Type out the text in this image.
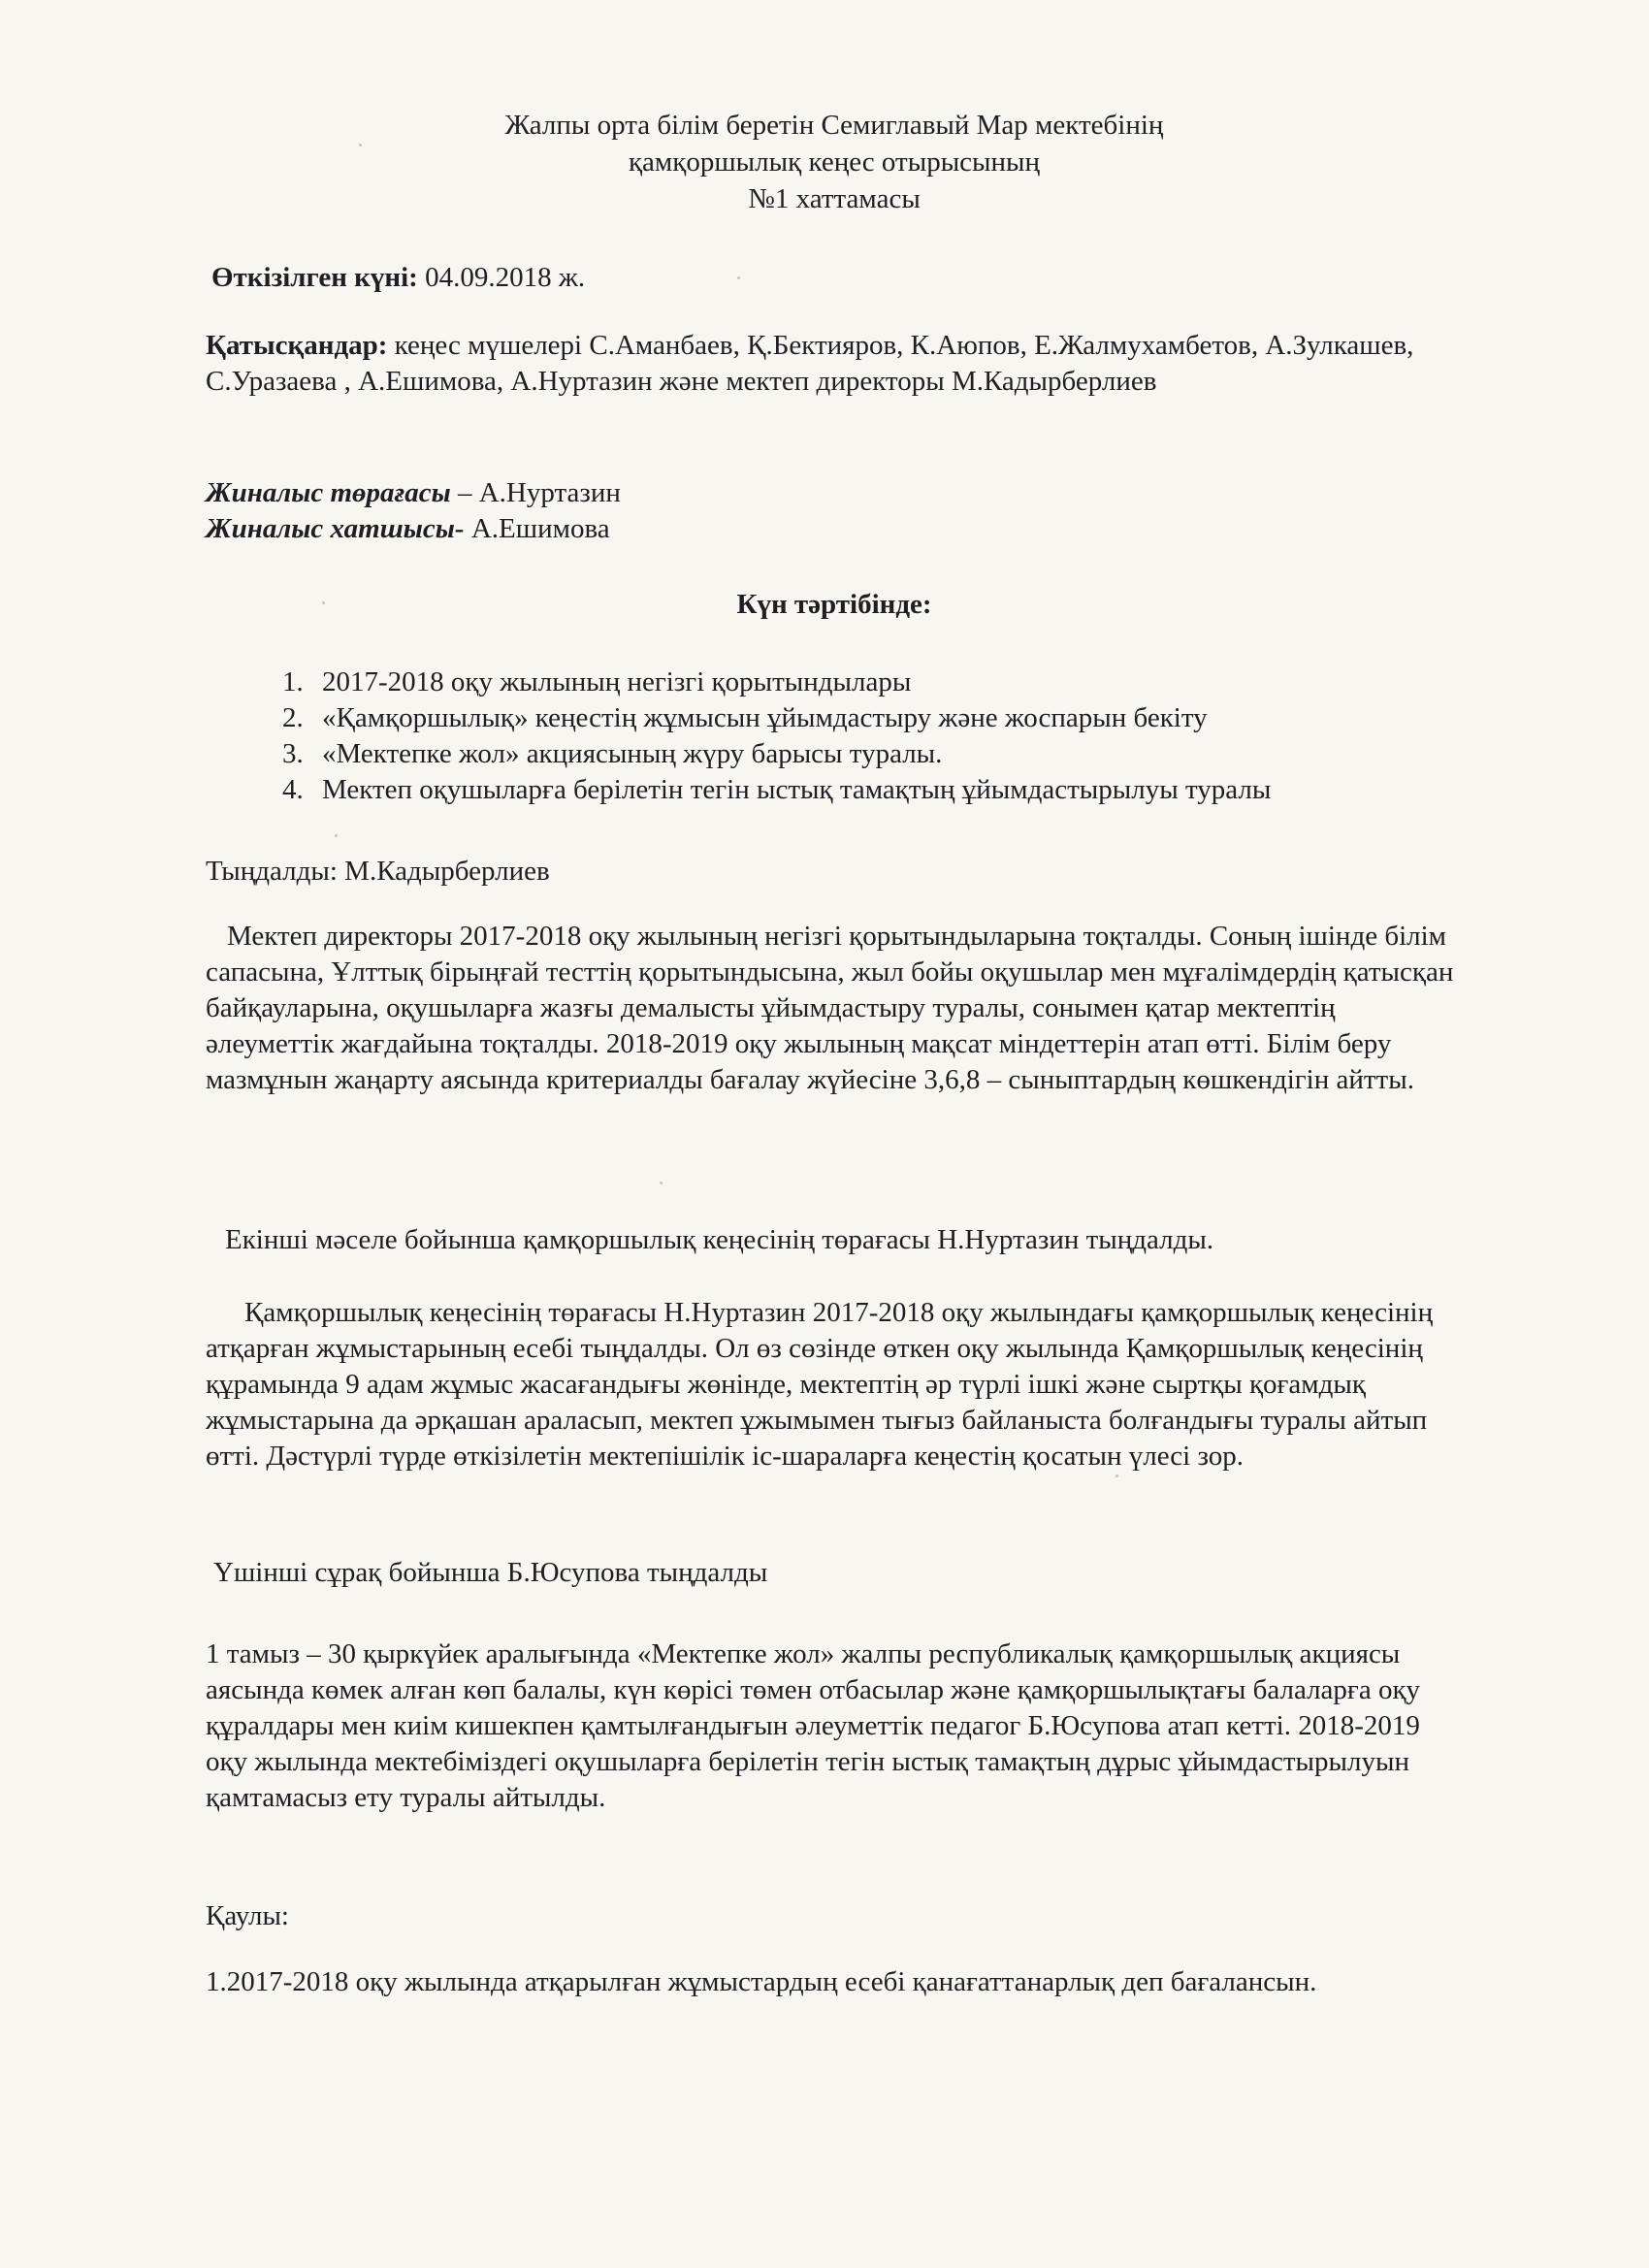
Жалпы орта білім беретін Семиглавый Мар мектебінің
қамқоршылық кеңес отырысының
№1 хаттамасы
Өткізілген күні: 04.09.2018 ж.
Қатысқандар: кеңес мүшелері С.Аманбаев, Қ.Бектияров, К.Аюпов, Е.Жалмухамбетов, А.Зулкашев, С.Уразаева , А.Ешимова, А.Нуртазин және мектеп директоры М.Кадырберлиев
Жиналыс төрағасы – А.Нуртазин
Жиналыс хатшысы- А.Ешимова
Күн тәртібінде:
1. 2017-2018 оқу жылының негізгі қорытындылары
2. «Қамқоршылық» кеңестің жұмысын ұйымдастыру және жоспарын бекіту
3. «Мектепке жол» акциясының жүру барысы туралы.
4. Мектеп оқушыларға берілетін тегін ыстық тамақтың ұйымдастырылуы туралы

Тыңдалды: М.Кадырберлиев

Мектеп директоры 2017-2018 оқу жылының негізгі қорытындыларына тоқталды. Соның ішінде білім сапасына, Ұлттық бірыңғай тесттің қорытындысына, жыл бойы оқушылар мен мұғалімдердің қатысқан байқауларына, оқушыларға жазғы демалысты ұйымдастыру туралы, сонымен қатар мектептің әлеуметтік жағдайына тоқталды. 2018-2019 оқу жылының мақсат міндеттерін атап өтті. Білім беру мазмұнын жаңарту аясында критериалды бағалау жүйесіне 3,6,8 – сыныптардың көшкендігін айтты.

Екінші мәселе бойынша қамқоршылық кеңесінің төрағасы Н.Нуртазин тыңдалды.

Қамқоршылық кеңесінің төрағасы Н.Нуртазин 2017-2018 оқу жылындағы қамқоршылық кеңесінің атқарған жұмыстарының есебі тыңдалды. Ол өз сөзінде өткен оқу жылында Қамқоршылық кеңесінің құрамында 9 адам жұмыс жасағандығы жөнінде, мектептің әр түрлі ішкі және сыртқы қоғамдық жұмыстарына да әрқашан араласып, мектеп ұжымымен тығыз байланыста болғандығы туралы айтып өтті. Дәстүрлі түрде өткізілетін мектепішілік іс-шараларға кеңестің қосатын үлесі зор.

Үшінші сұрақ бойынша Б.Юсупова тыңдалды

1 тамыз – 30 қыркүйек аралығында «Мектепке жол» жалпы республикалық қамқоршылық акциясы аясында көмек алған көп балалы, күн көрісі төмен отбасылар және қамқоршылықтағы балаларға оқу құралдары мен киім кишекпен қамтылғандығын әлеуметтік педагог Б.Юсупова атап кетті. 2018-2019 оқу жылында мектебіміздегі оқушыларға берілетін тегін ыстық тамақтың дұрыс ұйымдастырылуын қамтамасыз ету туралы айтылды.

Қаулы:

1.2017-2018 оқу жылында атқарылған жұмыстардың есебі қанағаттанарлық деп бағалансын.
